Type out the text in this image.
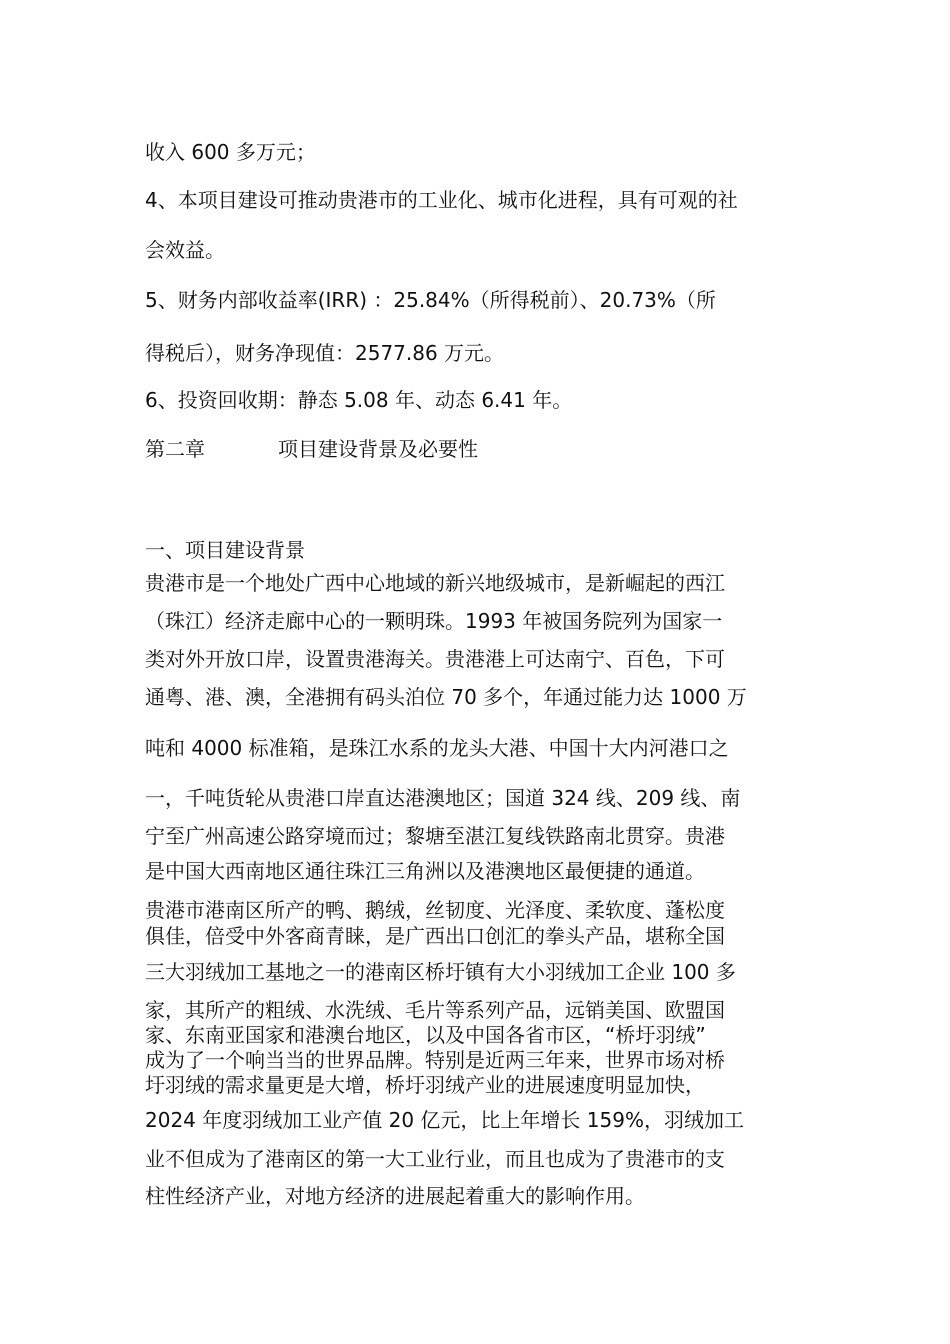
收入 600 多万元；
4、本项目建设可推动贵港市的工业化、城市化进程，具有可观的社
会效益。
5、财务内部收益率(IRR) ：25.84%（所得税前）、20.73%（所
得税后），财务净现值：2577.86 万元。
6、投资回收期：静态 5.08 年、动态 6.41 年。
第二章	项目建设背景及必要性
一、项目建设背景
贵港市是一个地处广西中心地域的新兴地级城市，是新崛起的西江
（珠江）经济走廊中心的一颗明珠。1993 年被国务院列为国家一
类对外开放口岸，设置贵港海关。贵港港上可达南宁、百色，下可
通粤、港、澳，全港拥有码头泊位 70 多个，年通过能力达 1000 万
吨和 4000 标准箱，是珠江水系的龙头大港、中国十大内河港口之
一，千吨货轮从贵港口岸直达港澳地区；国道 324 线、209 线、南
宁至广州高速公路穿境而过；黎塘至湛江复线铁路南北贯穿。贵港
是中国大西南地区通往珠江三角洲以及港澳地区最便捷的通道。
贵港市港南区所产的鸭、鹅绒，丝韧度、光泽度、柔软度、蓬松度
俱佳，倍受中外客商青睐，是广西出口创汇的拳头产品，堪称全国
三大羽绒加工基地之一的港南区桥圩镇有大小羽绒加工企业 100 多
家，其所产的粗绒、水洗绒、毛片等系列产品，远销美国、欧盟国
家、东南亚国家和港澳台地区，以及中国各省市区，“桥圩羽绒”
成为了一个响当当的世界品牌。特别是近两三年来，世界市场对桥
圩羽绒的需求量更是大增，桥圩羽绒产业的进展速度明显加快，
2024 年度羽绒加工业产值 20 亿元，比上年增长 159%，羽绒加工
业不但成为了港南区的第一大工业行业，而且也成为了贵港市的支
柱性经济产业，对地方经济的进展起着重大的影响作用。
